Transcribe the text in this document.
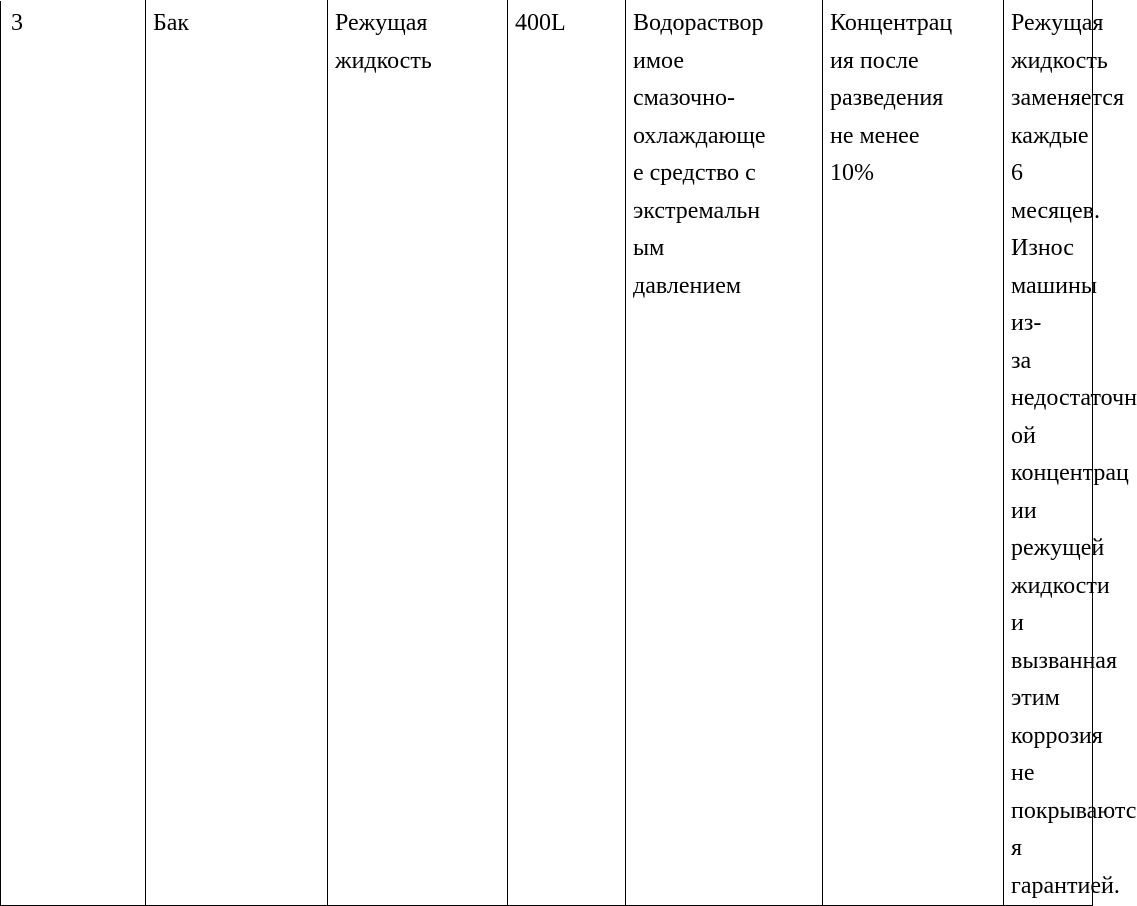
3	Бак	Режущая
жидкость	400L	Водораствор
имое
смазочно-
охлаждающе
е средство с
экстремальн
ым
давлением	Концентрац
ия после
разведения
не менее
10%	Режущая
жидкость
заменяется
каждые 6
месяцев.
Износ
машины из-
за
недостаточн
ой
концентрац
ии режущей
жидкости и
вызванная
этим
коррозия не
покрываютс
я гарантией.
